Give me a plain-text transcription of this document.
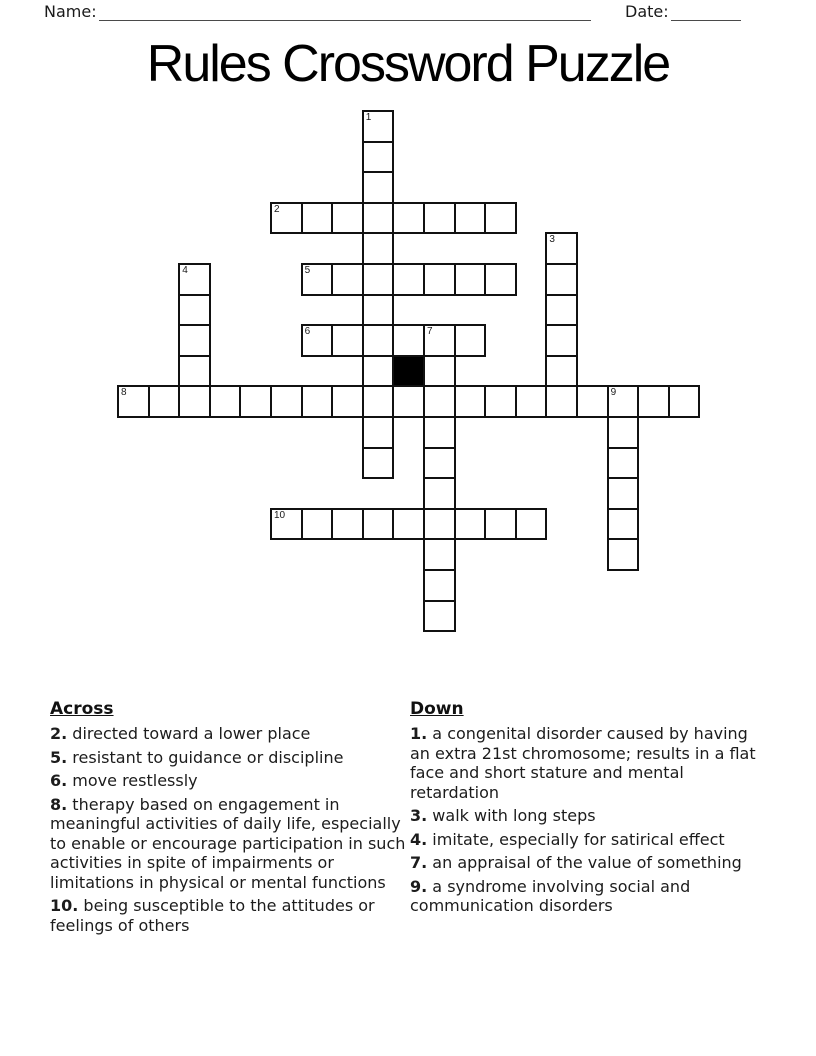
Name:	Date:
Rules Crossword Puzzle
1
2
3
4	5
6	7
8	9
10
Across

2. directed toward a lower place

5. resistant to guidance or discipline

6. move restlessly

8. therapy based on engagement in meaningful activities of daily life, especially to enable or encourage participation in such activities in spite of impairments or limitations in physical or mental functions

10. being susceptible to the attitudes or feelings of others

Down

1. a congenital disorder caused by having an extra 21st chromosome; results in a flat face and short stature and mental retardation

3. walk with long steps

4. imitate, especially for satirical effect

7. an appraisal of the value of something

9. a syndrome involving social and communication disorders
